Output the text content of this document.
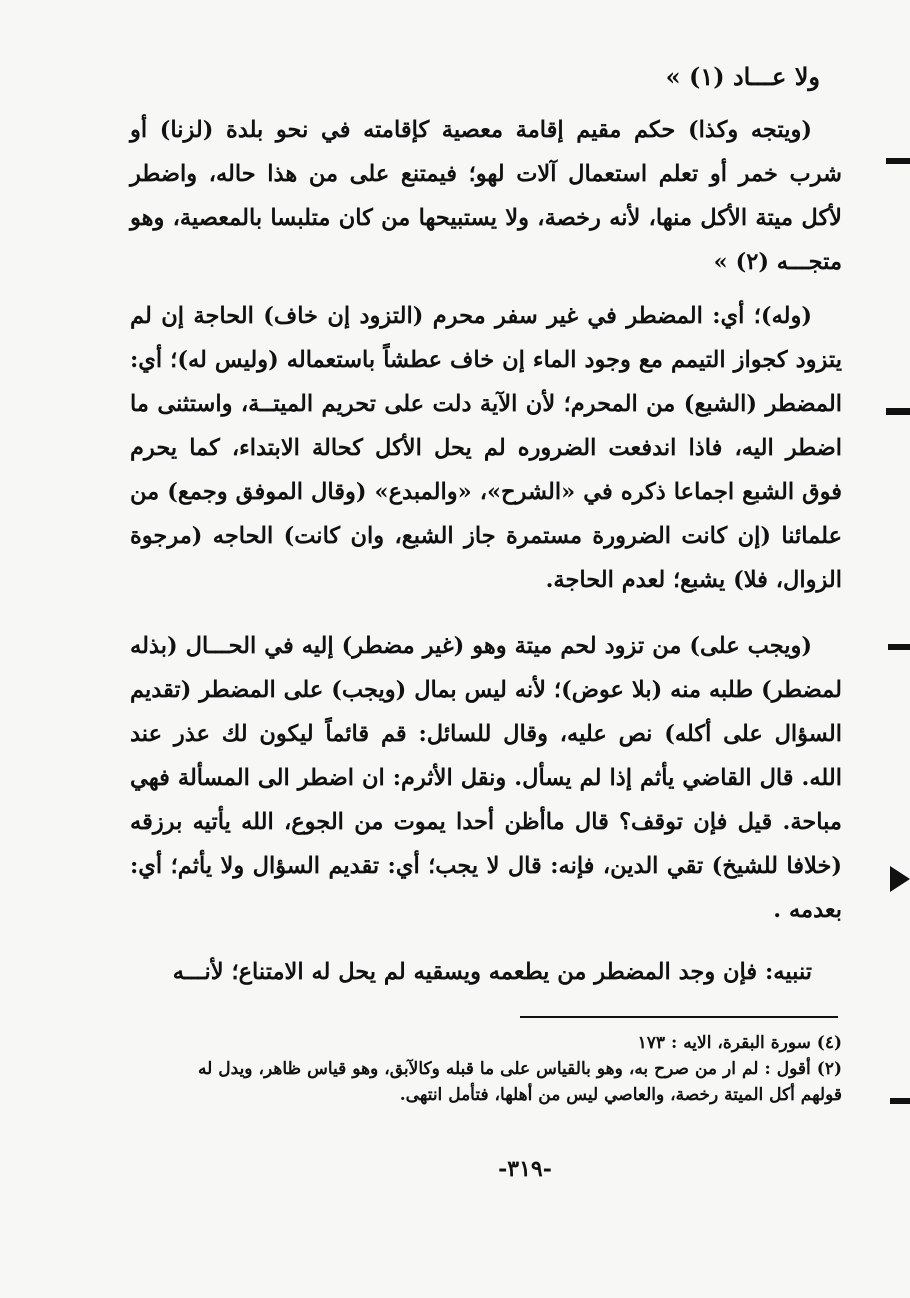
ولا عـــاد (١) »

(ويتجه وكذا) حكم مقيم إقامة معصية كإقامته في نحو بلدة (لزنا) أو شرب خمر أو تعلم استعمال آلات لهو؛ فيمتنع على من هذا حاله، واضطر لأكل ميتة الأكل منها، لأنه رخصة، ولا يستبيحها من كان متلبسا بالمعصية، وهو متجـــه (٢) »

(وله)؛ أي: المضطر في غير سفر محرم (التزود إن خاف) الحاجة إن لم يتزود كجواز التيمم مع وجود الماء إن خاف عطشاً باستعماله (وليس له)؛ أي: المضطر (الشبع) من المحرم؛ لأن الآية دلت على تحريم الميتــة، واستثنى ما اضطر اليه، فاذا اندفعت الضروره لم يحل الأكل كحالة الابتداء، كما يحرم فوق الشبع اجماعا ذكره في «الشرح»، «والمبدع» (وقال الموفق وجمع) من علمائنا (إن كانت الضرورة مستمرة جاز الشبع، وان كانت) الحاجه (مرجوة الزوال، فلا) يشبع؛ لعدم الحاجة.

(ويجب على) من تزود لحم ميتة وهو (غير مضطر) إليه في الحـــال (بذله لمضطر) طلبه منه (بلا عوض)؛ لأنه ليس بمال (ويجب) على المضطر (تقديم السؤال على أكله) نص عليه، وقال للسائل: قم قائماً ليكون لك عذر عند الله. قال القاضي يأثم إذا لم يسأل. ونقل الأثرم: ان اضطر الى المسألة فهي مباحة. قيل فإن توقف؟ قال ماأظن أحدا يموت من الجوع، الله يأتيه برزقه (خلافا للشيخ) تقي الدين، فإنه: قال لا يجب؛ أي: تقديم السؤال ولا يأثم؛ أي: بعدمه .

تنبيه: فإن وجد المضطر من يطعمه ويسقيه لم يحل له الامتناع؛ لأنـــه

(٤) سورة البقرة، الايه : ١٧٣

(٢) أقول : لم ار من صرح به، وهو بالقياس على ما قبله وكالآبق، وهو قياس ظاهر، ويدل له قولهم أكل الميتة رخصة، والعاصي ليس من أهلها، فتأمل انتهى.

-٣١٩-
